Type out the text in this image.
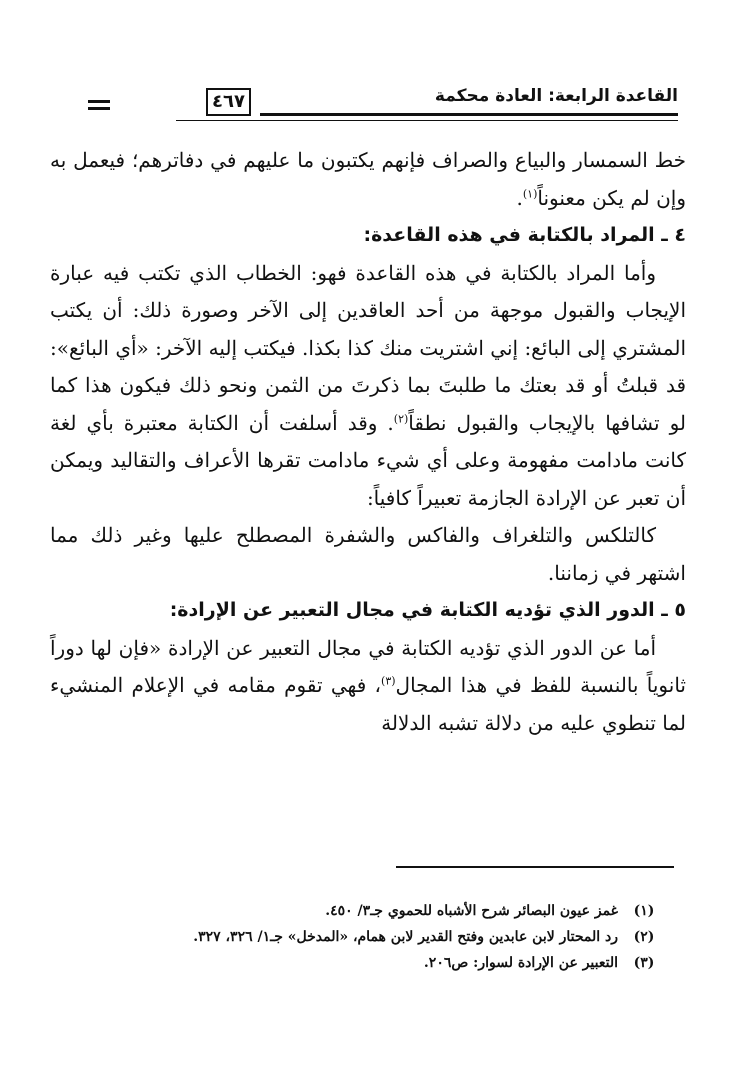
٤٦٧	القاعدة الرابعة: العادة محكمة

خط السمسار والبياع والصراف فإنهم يكتبون ما عليهم في دفاترهم؛ فيعمل به وإن لم يكن معنوناً$^{(١)}$.

٤ ـ المراد بالكتابة في هذه القاعدة:

وأما المراد بالكتابة في هذه القاعدة فهو: الخطاب الذي تكتب فيه عبارة الإيجاب والقبول موجهة من أحد العاقدين إلى الآخر وصورة ذلك: أن يكتب المشتري إلى البائع: إني اشتريت منك كذا بكذا. فيكتب إليه الآخر: «أي البائع»: قد قبلتُ أو قد بعتك ما طلبتَ بما ذكرتَ من الثمن ونحو ذلك فيكون هذا كما لو تشافها بالإيجاب والقبول نطقاً$^{(٢)}$. وقد أسلفت أن الكتابة معتبرة بأي لغة كانت مادامت مفهومة وعلى أي شيء مادامت تقرها الأعراف والتقاليد ويمكن أن تعبر عن الإرادة الجازمة تعبيراً كافياً:

كالتلكس والتلغراف والفاكس والشفرة المصطلح عليها وغير ذلك مما اشتهر في زماننا.

٥ ـ الدور الذي تؤديه الكتابة في مجال التعبير عن الإرادة:

أما عن الدور الذي تؤديه الكتابة في مجال التعبير عن الإرادة «فإن لها دوراً ثانوياً بالنسبة للفظ في هذا المجال$^{(٣)}$، فهي تقوم مقامه في الإعلام المنشيء لما تنطوي عليه من دلالة تشبه الدلالة

(١)
غمز عيون البصائر شرح الأشباه للحموي جـ٣/ ٤٥٠.
(٢)
رد المحتار لابن عابدين وفتح القدير لابن همام، «المدخل» جـ١/ ٣٢٦، ٣٢٧.
(٣)
التعبير عن الإرادة لسوار: ص٢٠٦.
